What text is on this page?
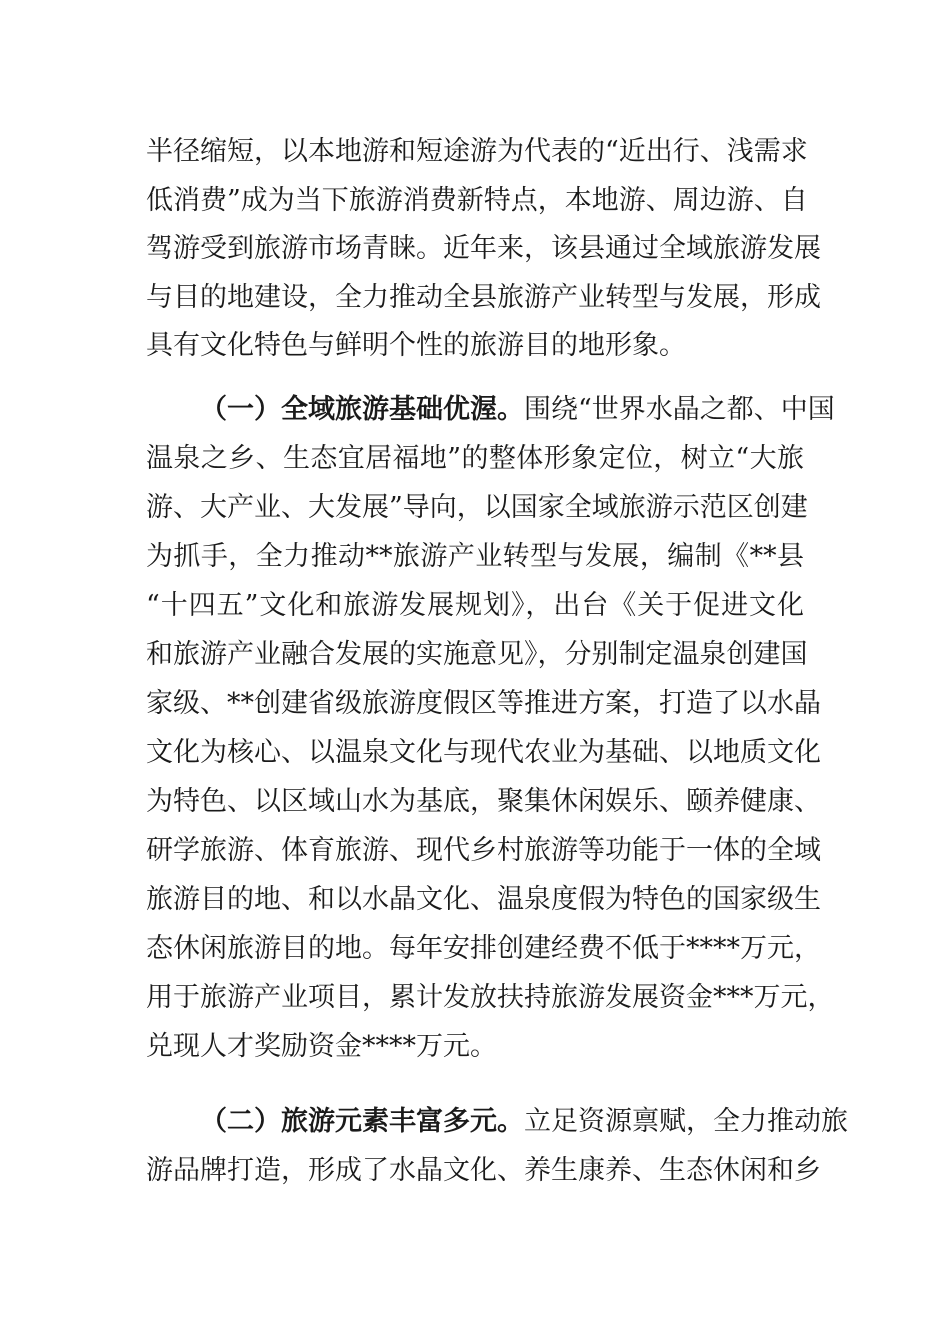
半径缩短，以本地游和短途游为代表的“近出行、浅需求
低消费”成为当下旅游消费新特点，本地游、周边游、自
驾游受到旅游市场青睐。近年来，该县通过全域旅游发展
与目的地建设，全力推动全县旅游产业转型与发展，形成
具有文化特色与鲜明个性的旅游目的地形象。
（一）全域旅游基础优渥。围绕“世界水晶之都、中国
温泉之乡、生态宜居福地”的整体形象定位，树立“大旅
游、大产业、大发展”导向，以国家全域旅游示范区创建
为抓手，全力推动**旅游产业转型与发展，编制《**县
“十四五”文化和旅游发展规划》，出台《关于促进文化
和旅游产业融合发展的实施意见》，分别制定温泉创建国
家级、**创建省级旅游度假区等推进方案，打造了以水晶
文化为核心、以温泉文化与现代农业为基础、以地质文化
为特色、以区域山水为基底，聚集休闲娱乐、颐养健康、
研学旅游、体育旅游、现代乡村旅游等功能于一体的全域
旅游目的地、和以水晶文化、温泉度假为特色的国家级生
态休闲旅游目的地。每年安排创建经费不低于****万元，
用于旅游产业项目，累计发放扶持旅游发展资金***万元，
兑现人才奖励资金****万元。
（二）旅游元素丰富多元。立足资源禀赋，全力推动旅
游品牌打造，形成了水晶文化、养生康养、生态休闲和乡
